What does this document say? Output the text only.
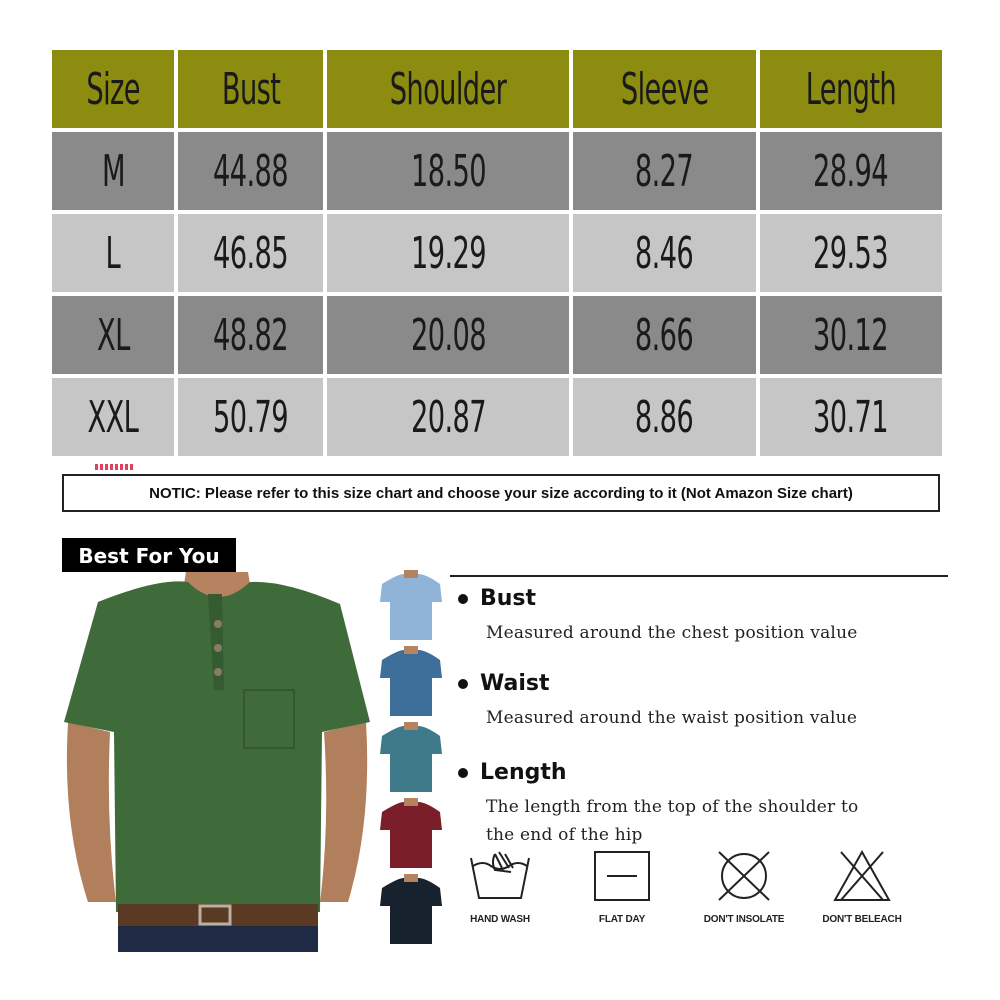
Size	Bust	Shoulder	Sleeve	Length
M	44.88	18.50	8.27	28.94
L	46.85	19.29	8.46	29.53
XL	48.82	20.08	8.66	30.12
XXL	50.79	20.87	8.86	30.71
NOTIC: Please refer to this size chart and choose your size according to it (Not Amazon Size chart)
Best For You
Bust
Measured around the chest position value
Waist
Measured around the waist position value
Length
The length from the top of the shoulder to
the end of the hip
HAND WASH	FLAT DAY	DON'T INSOLATE	DON'T BELEACH
